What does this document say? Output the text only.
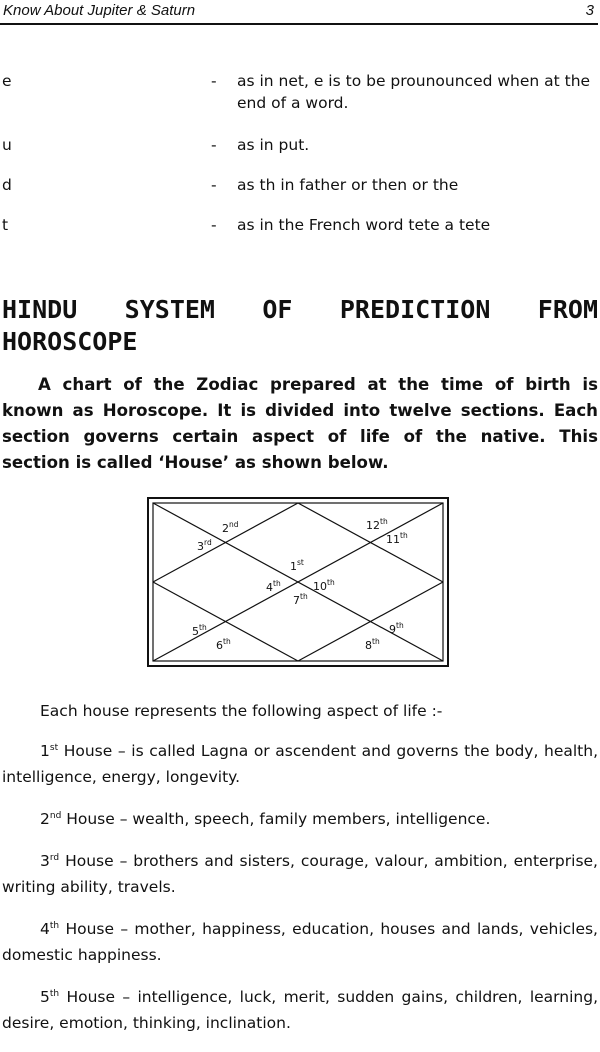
Know About Jupiter & Saturn	3
e	- as in net, e is to be prounounced when at the end of a word.
u	- as in put.
d	- as th in father or then or the
t	- as in the French word tete a tete
HINDU SYSTEM OF PREDICTION FROM HOROSCOPE

A chart of the Zodiac prepared at the time of birth is known as Horoscope. It is divided into twelve sections. Each section governs certain aspect of life of the native. This section is called ‘House’ as shown below.

1st
2nd
3rd
4th
5th
6th
7th
8th
9th
10th
11th
12th

Each house represents the following aspect of life :-

1st House – is called Lagna or ascendent and governs the body, health, intelligence, energy, longevity.

2nd House – wealth, speech, family members, intelligence.

3rd House – brothers and sisters, courage, valour, ambition, enterprise, writing ability, travels.

4th House – mother, happiness, education, houses and lands, vehicles, domestic happiness.

5th House – intelligence, luck, merit, sudden gains, children, learning, desire, emotion, thinking, inclination.
